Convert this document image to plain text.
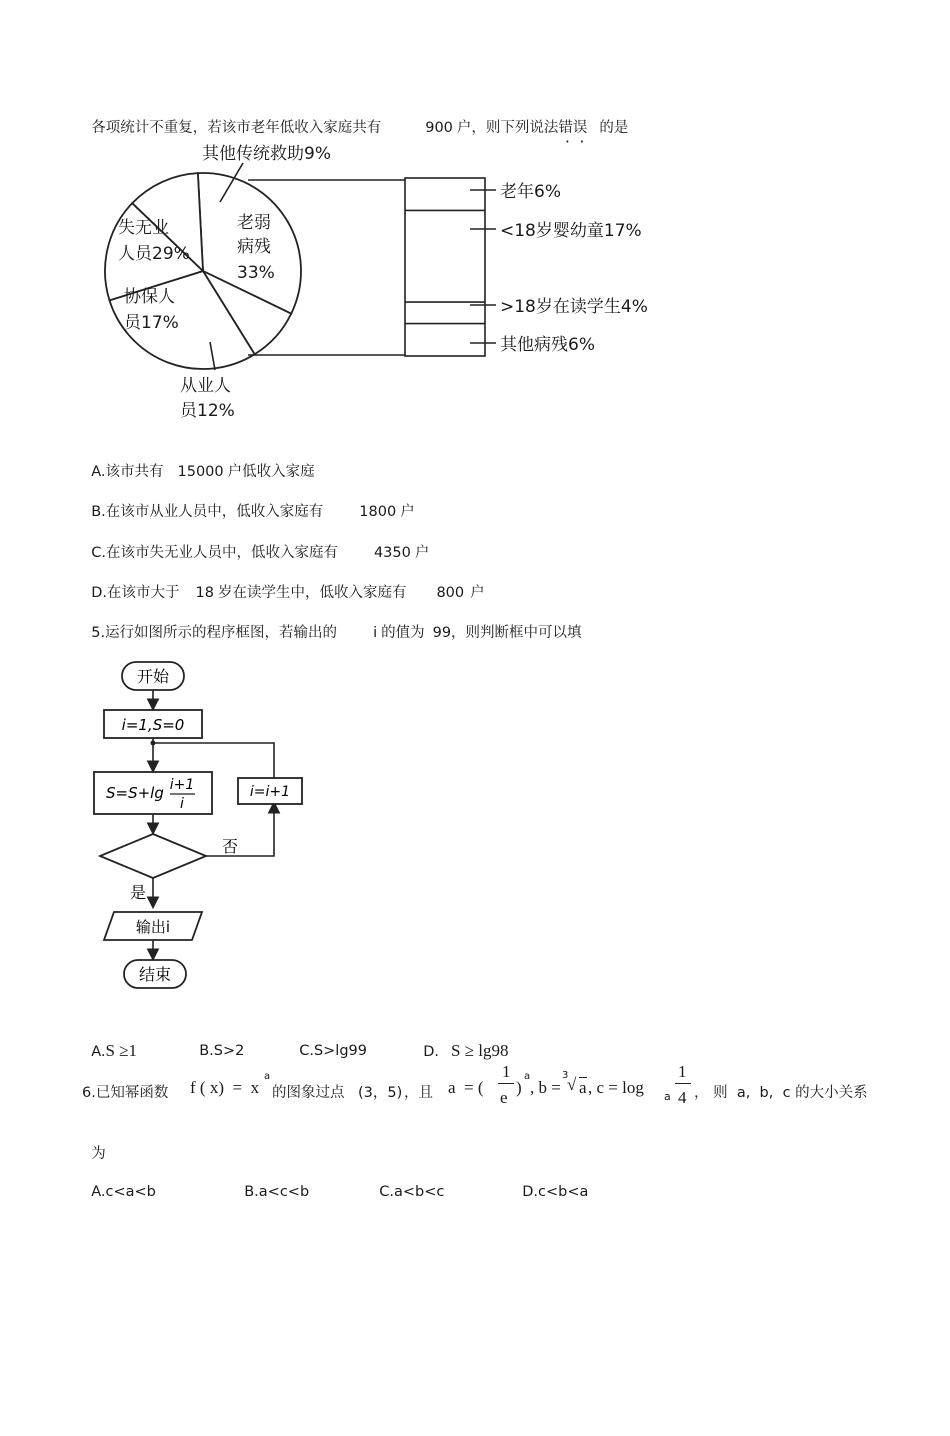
各项统计不重复，若该市老年低收入家庭共有	900 户，则下列说法错误 的是

其他传统救助9%
老弱
病残
33%
失无业
人员29%
协保人
员17%
从业人
员12%
老年6%
<18岁婴幼童17%
>18岁在读学生4%
其他病残6%

A.该市共有 15000 户低收入家庭

B.在该市从业人员中，低收入家庭有 1800 户

C.在该市失无业人员中，低收入家庭有 4350 户

D.在该市大于 18 岁在读学生中，低收入家庭有 800 户

5.运行如图所示的程序框图，若输出的 i 的值为 99，则判断框中可以填

开始
i=1,S=0
S=S+lg i+1
i
否
i=i+1
是
输出i
结束

A.S ≥1	B.S>2	C.S>lg99	D. S ≥ lg98

6.已知幂函数

f ( x)  =  x

a

的图象过点

(3，5)

，且

a  = (

1

e

)

a

, b =

3

√

a

, c = log

a

1

4

， 则  a,  b,  c 的大小关系

为

A.c<a<b	B.a<c<b	C.a<b<c	D.c<b<a
